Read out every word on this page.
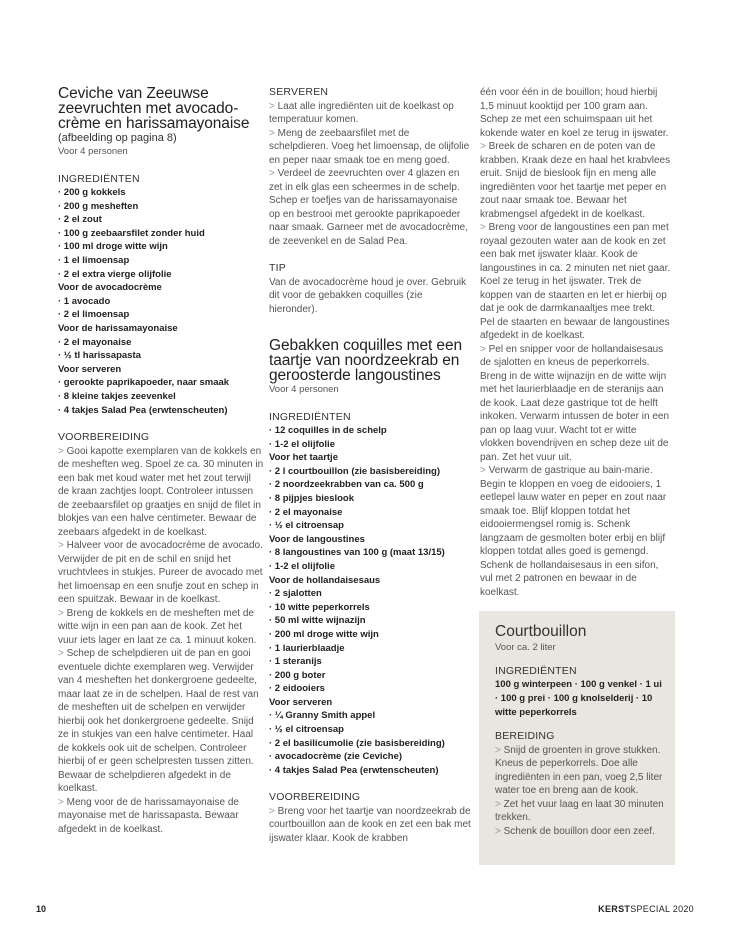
Ceviche van Zeeuwse zeevruchten met avocado-crème en harissamayonaise
(afbeelding op pagina 8)
Voor 4 personen
INGREDIËNTEN
· 200 g kokkels
· 200 g mesheften
· 2 el zout
· 100 g zeebaarsfilet zonder huid
· 100 ml droge witte wijn
· 1 el limoensap
· 2 el extra vierge olijfolie
Voor de avocadocrème
· 1 avocado
· 2 el limoensap
Voor de harissamayonaise
· 2 el mayonaise
· ½ tl harissapasta
Voor serveren
· gerookte paprikapoeder, naar smaak
· 8 kleine takjes zeevenkel
· 4 takjes Salad Pea (erwtenscheuten)
VOORBEREIDING
> Gooi kapotte exemplaren van de kokkels en de mesheften weg. Spoel ze ca. 30 minuten in een bak met koud water met het zout terwijl de kraan zachtjes loopt. Controleer intussen de zeebaarsfilet op graatjes en snijd de filet in blokjes van een halve centimeter. Bewaar de zeebaars afgedekt in de koelkast.
> Halveer voor de avocadocrème de avocado. Verwijder de pit en de schil en snijd het vruchtvlees in stukjes. Pureer de avocado met het limoensap en een snufje zout en schep in een spuitzak. Bewaar in de koelkast.
> Breng de kokkels en de mesheften met de witte wijn in een pan aan de kook. Zet het vuur iets lager en laat ze ca. 1 minuut koken.
> Schep de schelpdieren uit de pan en gooi eventuele dichte exemplaren weg. Verwijder van 4 mesheften het donkergroene gedeelte, maar laat ze in de schelpen. Haal de rest van de mesheften uit de schelpen en verwijder hierbij ook het donkergroene gedeelte. Snijd ze in stukjes van een halve centimeter. Haal de kokkels ook uit de schelpen. Controleer hierbij of er geen schelpresten tussen zitten. Bewaar de schelpdieren afgedekt in de koelkast.
> Meng voor de de harissamayonaise de mayonaise met de harissapasta. Bewaar afgedekt in de koelkast.
SERVEREN
> Laat alle ingrediënten uit de koelkast op temperatuur komen.
> Meng de zeebaarsfilet met de schelpdieren. Voeg het limoensap, de olijfolie en peper naar smaak toe en meng goed.
> Verdeel de zeevruchten over 4 glazen en zet in elk glas een scheermes in de schelp. Schep er toefjes van de harissamayonaise op en bestrooi met gerookte paprikapoeder naar smaak. Garneer met de avocadocrème, de zeevenkel en de Salad Pea.
TIP
Van de avocadocrème houd je over. Gebruik dit voor de gebakken coquilles (zie hieronder).
Gebakken coquilles met een taartje van noordzeekrab en geroosterde langoustines
Voor 4 personen
INGREDIËNTEN
· 12 coquilles in de schelp
· 1-2 el olijfolie
Voor het taartje
· 2 l courtbouillon (zie basisbereiding)
· 2 noordzeekrabben van ca. 500 g
· 8 pijpjes bieslook
· 2 el mayonaise
· ½ el citroensap
Voor de langoustines
· 8 langoustines van 100 g (maat 13/15)
· 1-2 el olijfolie
Voor de hollandaisesaus
· 2 sjalotten
· 10 witte peperkorrels
· 50 ml witte wijnazijn
· 200 ml droge witte wijn
· 1 laurierblaadje
· 1 steranijs
· 200 g boter
· 2 eidooiers
Voor serveren
· ¼ Granny Smith appel
· ½ el citroensap
· 2 el basilicumolie (zie basisbereiding)
· avocadocrème (zie Ceviche)
· 4 takjes Salad Pea (erwtenscheuten)
VOORBEREIDING
> Breng voor het taartje van noordzeekrab de courtbouillon aan de kook en zet een bak met ijswater klaar. Kook de krabben
één voor één in de bouillon; houd hierbij 1,5 minuut kooktijd per 100 gram aan. Schep ze met een schuimspaan uit het kokende water en koel ze terug in ijswater.
> Breek de scharen en de poten van de krabben. Kraak deze en haal het krabvlees eruit. Snijd de bieslook fijn en meng alle ingrediënten voor het taartje met peper en zout naar smaak toe. Bewaar het krabmengsel afgedekt in de koelkast.
> Breng voor de langoustines een pan met royaal gezouten water aan de kook en zet een bak met ijswater klaar. Kook de langoustines in ca. 2 minuten net niet gaar. Koel ze terug in het ijswater. Trek de koppen van de staarten en let er hierbij op dat je ook de darmkanaaltjes mee trekt. Pel de staarten en bewaar de langoustines afgedekt in de koelkast.
> Pel en snipper voor de hollandaisesaus de sjalotten en kneus de peperkorrels. Breng in de witte wijnazijn en de witte wijn met het laurierblaadje en de steranijs aan de kook. Laat deze gastrique tot de helft inkoken. Verwarm intussen de boter in een pan op laag vuur. Wacht tot er witte vlokken bovendrijven en schep deze uit de pan. Zet het vuur uit.
> Verwarm de gastrique au bain-marie. Begin te kloppen en voeg de eidooiers, 1 eetlepel lauw water en peper en zout naar smaak toe. Blijf kloppen totdat het eidooiermengsel romig is. Schenk langzaam de gesmolten boter erbij en blijf kloppen totdat alles goed is gemengd. Schenk de hollandaisesaus in een sifon, vul met 2 patronen en bewaar in de koelkast.
Courtbouillon
Voor ca. 2 liter
INGREDIËNTEN
100 g winterpeen · 100 g venkel · 1 ui · 100 g prei · 100 g knolselderij · 10 witte peperkorrels
BEREIDING
> Snijd de groenten in grove stukken. Kneus de peperkorrels. Doe alle ingrediënten in een pan, voeg 2,5 liter water toe en breng aan de kook.
> Zet het vuur laag en laat 30 minuten trekken.
> Schenk de bouillon door een zeef.
10	KERSTSPECIAL 2020
